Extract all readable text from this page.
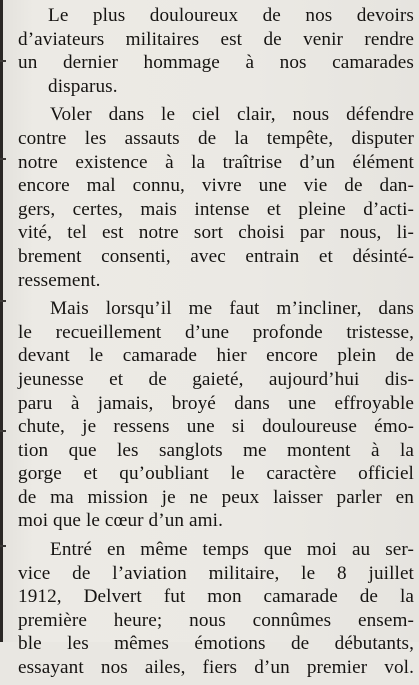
Le plus douloureux de nos devoirs
d’aviateurs militaires est de venir rendre
un dernier hommage à nos camarades
disparus.
Voler dans le ciel clair, nous défendre
contre les assauts de la tempête, disputer
notre existence à la traîtrise d’un élément
encore mal connu, vivre une vie de dan-
gers, certes, mais intense et pleine d’acti-
vité, tel est notre sort choisi par nous, li-
brement consenti, avec entrain et désinté-
ressement.
Mais lorsqu’il me faut m’incliner, dans
le recueillement d’une profonde tristesse,
devant le camarade hier encore plein de
jeunesse et de gaieté, aujourd’hui dis-
paru à jamais, broyé dans une effroyable
chute, je ressens une si douloureuse émo-
tion que les sanglots me montent à la
gorge et qu’oubliant le caractère officiel
de ma mission je ne peux laisser parler en
moi que le cœur d’un ami.
Entré en même temps que moi au ser-
vice de l’aviation militaire, le 8 juillet
1912, Delvert fut mon camarade de la
première heure; nous connûmes ensem-
ble les mêmes émotions de débutants,
essayant nos ailes, fiers d’un premier vol.
